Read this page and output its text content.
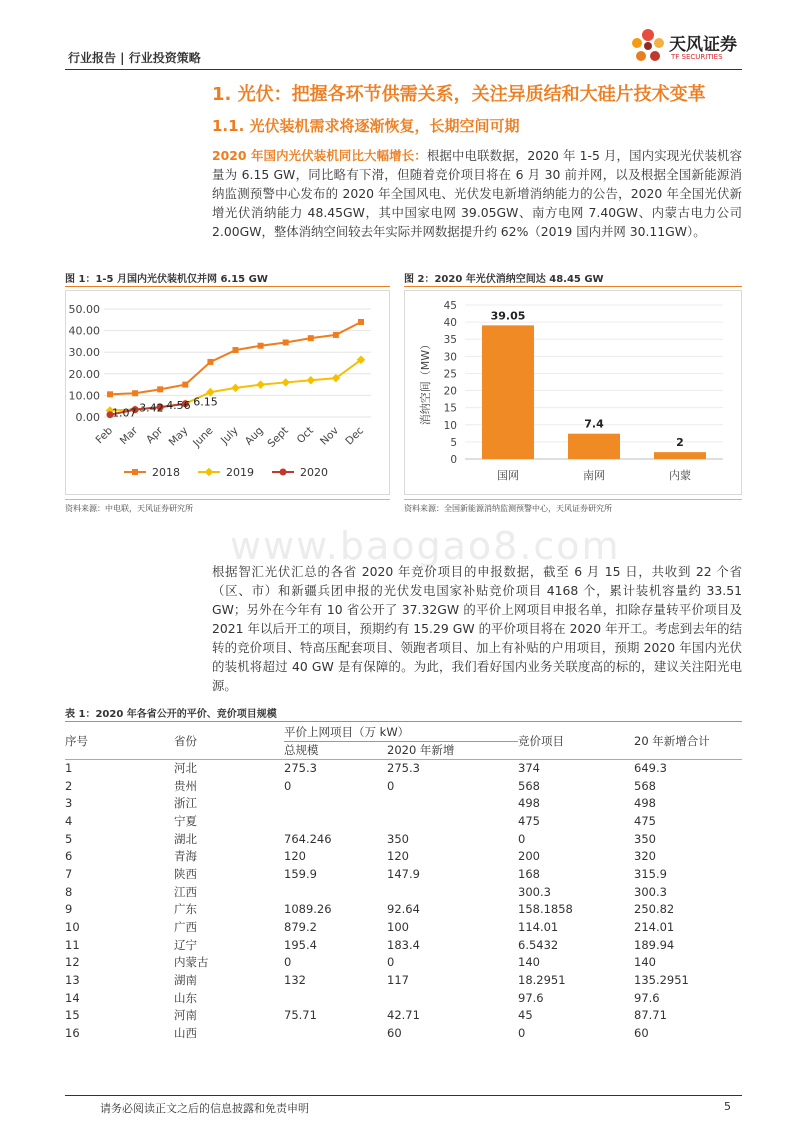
行业报告 | 行业投资策略
天风证券
TF SECURITIES
1. 光伏：把握各环节供需关系，关注异质结和大硅片技术变革
1.1. 光伏装机需求将逐渐恢复，长期空间可期
2020 年国内光伏装机同比大幅增长：根据中电联数据，2020 年 1-5 月，国内实现光伏装机容量为 6.15 GW，同比略有下滑，但随着竞价项目将在 6 月 30 前并网，以及根据全国新能源消纳监测预警中心发布的 2020 年全国风电、光伏发电新增消纳能力的公告，2020 年全国光伏新增光伏消纳能力 48.45GW，其中国家电网 39.05GW、南方电网 7.40GW、内蒙古电力公司 2.00GW，整体消纳空间较去年实际并网数据提升约 62%（2019 国内并网 30.11GW）。
图 1：1-5 月国内光伏装机仅并网 6.15 GW
0.00
10.00
20.00
30.00
40.00
50.00
Feb Mar Apr May June July Aug Sept Oct Nov Dec
1.07 3.42 4.56 6.15
2018	2019	2020
资料来源：中电联，天风证券研究所
图 2：2020 年光伏消纳空间达 48.45 GW
0
5
10
15
20
25
30
35
40
45
消纳空间（MW）
39.05
国网
7.4
南网
2
内蒙
资料来源：全国新能源消纳监测预警中心，天风证券研究所
www.baogao8.com
根据智汇光伏汇总的各省 2020 年竞价项目的申报数据，截至 6 月 15 日，共收到 22 个省（区、市）和新疆兵团申报的光伏发电国家补贴竞价项目 4168 个，累计装机容量约 33.51 GW；另外在今年有 10 省公开了 37.32GW 的平价上网项目申报名单，扣除存量转平价项目及 2021 年以后开工的项目，预期约有 15.29 GW 的平价项目将在 2020 年开工。考虑到去年的结转的竞价项目、特高压配套项目、领跑者项目、加上有补贴的户用项目，预期 2020 年国内光伏的装机将超过 40 GW 是有保障的。为此，我们看好国内业务关联度高的标的，建议关注阳光电源。
表 1：2020 年各省公开的平价、竞价项目规模
序号	省份	平价上网项目（万 kW）		竞价项目	20 年新增合计
		总规模	2020 年新增		
1	河北	275.3	275.3	374	649.3
2	贵州	0	0	568	568
3	浙江			498	498
4	宁夏			475	475
5	湖北	764.246	350	0	350
6	青海	120	120	200	320
7	陕西	159.9	147.9	168	315.9
8	江西			300.3	300.3
9	广东	1089.26	92.64	158.1858	250.82
10	广西	879.2	100	114.01	214.01
11	辽宁	195.4	183.4	6.5432	189.94
12	内蒙古	0	0	140	140
13	湖南	132	117	18.2951	135.2951
14	山东			97.6	97.6
15	河南	75.71	42.71	45	87.71
16	山西		60	0	60
请务必阅读正文之后的信息披露和免责申明	5
